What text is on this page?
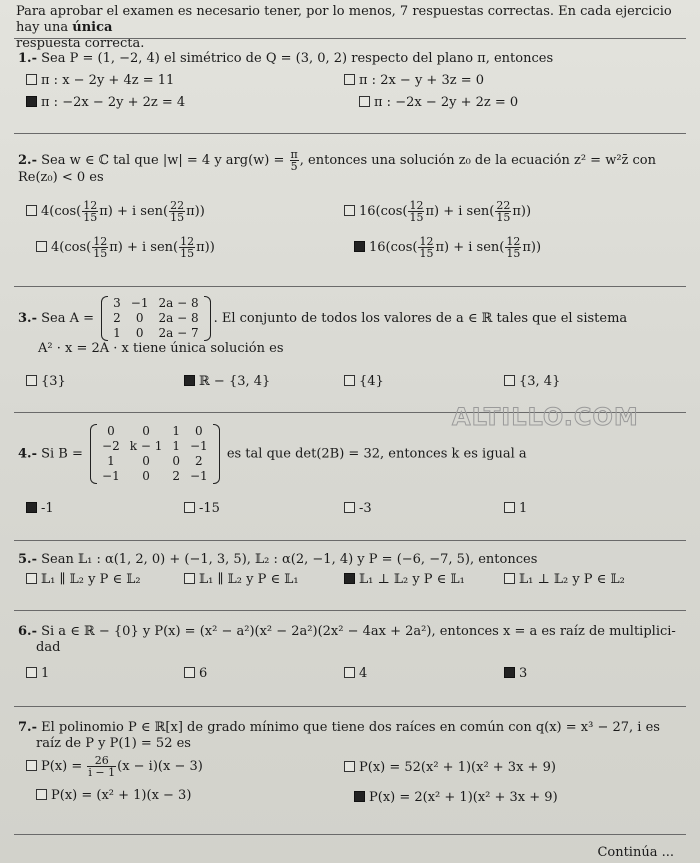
Para aprobar el examen es necesario tener, por lo menos, 7 respuestas correctas. En cada ejercicio hay una única
respuesta correcta.
1.- Sea P = (1, −2, 4) el simétrico de Q = (3, 0, 2) respecto del plano π, entonces
π : x − 2y + 4z = 11	π : 2x − y + 3z = 0
π : −2x − 2y + 2z = 4	π : −2x − 2y + 2z = 0
2.- Sea w ∈ ℂ tal que |w| = 4 y $arg(w) = \frac{\pi}{5}$ , entonces una solución z₀ de la ecuación z² = w²z̄ con
Re(z₀) < 0 es
$4(\cos( \frac{12}{15} \pi) + i$ $sen( \frac{22}{15} \pi)$)	$16(\cos( \frac{12}{15} \pi) + i$ $sen( \frac{22}{15} \pi)$)
$4(\cos( \frac{12}{15} \pi) + i$ $sen( \frac{12}{15} \pi)$)	$16(\cos( \frac{12}{15} \pi) + i$ $sen( \frac{12}{15} \pi)$)
3.- Sea A =
3	−1	2a − 8
2	0	2a − 8
1	0	2a − 7
. El conjunto de todos los valores de a ∈ ℝ tales que el sistema
A² · x = 2A · x tiene única solución es
{3}	ℝ − {3, 4}	{4}	{3, 4}
ALTILLO.COM
4.- Si B =
0	0	1	0
−2	k − 1	1	−1
1	0	0	2
−1	0	2	−1
es tal que det(2B) = 32, entonces k es igual a
-1	-15	-3	1
5.- Sean 𝕃₁ : α(1, 2, 0) + (−1, 3, 5), 𝕃₂ : α(2, −1, 4) y P = (−6, −7, 5), entonces
𝕃₁ ∥ 𝕃₂ y P ∈ 𝕃₂	𝕃₁ ∥ 𝕃₂ y P ∈ 𝕃₁	𝕃₁ ⊥ 𝕃₂ y P ∈ 𝕃₁	𝕃₁ ⊥ 𝕃₂ y P ∈ 𝕃₂
6.- Si a ∈ ℝ − {0} y P(x) = (x² − a²)(x² − 2a²)(2x² − 4ax + 2a²), entonces x = a es raíz de multiplici-
dad
1	6	4	3
7.- El polinomio P ∈ ℝ[x] de grado mínimo que tiene dos raíces en común con q(x) = x³ − 27, i es
raíz de P y P(1) = 52 es
$P(x) = \frac{26}{i - 1} (x - i)(x - 3)$	P(x) = 52(x² + 1)(x² + 3x + 9)
P(x) = (x² + 1)(x − 3)	P(x) = 2(x² + 1)(x² + 3x + 9)
Continúa ...
